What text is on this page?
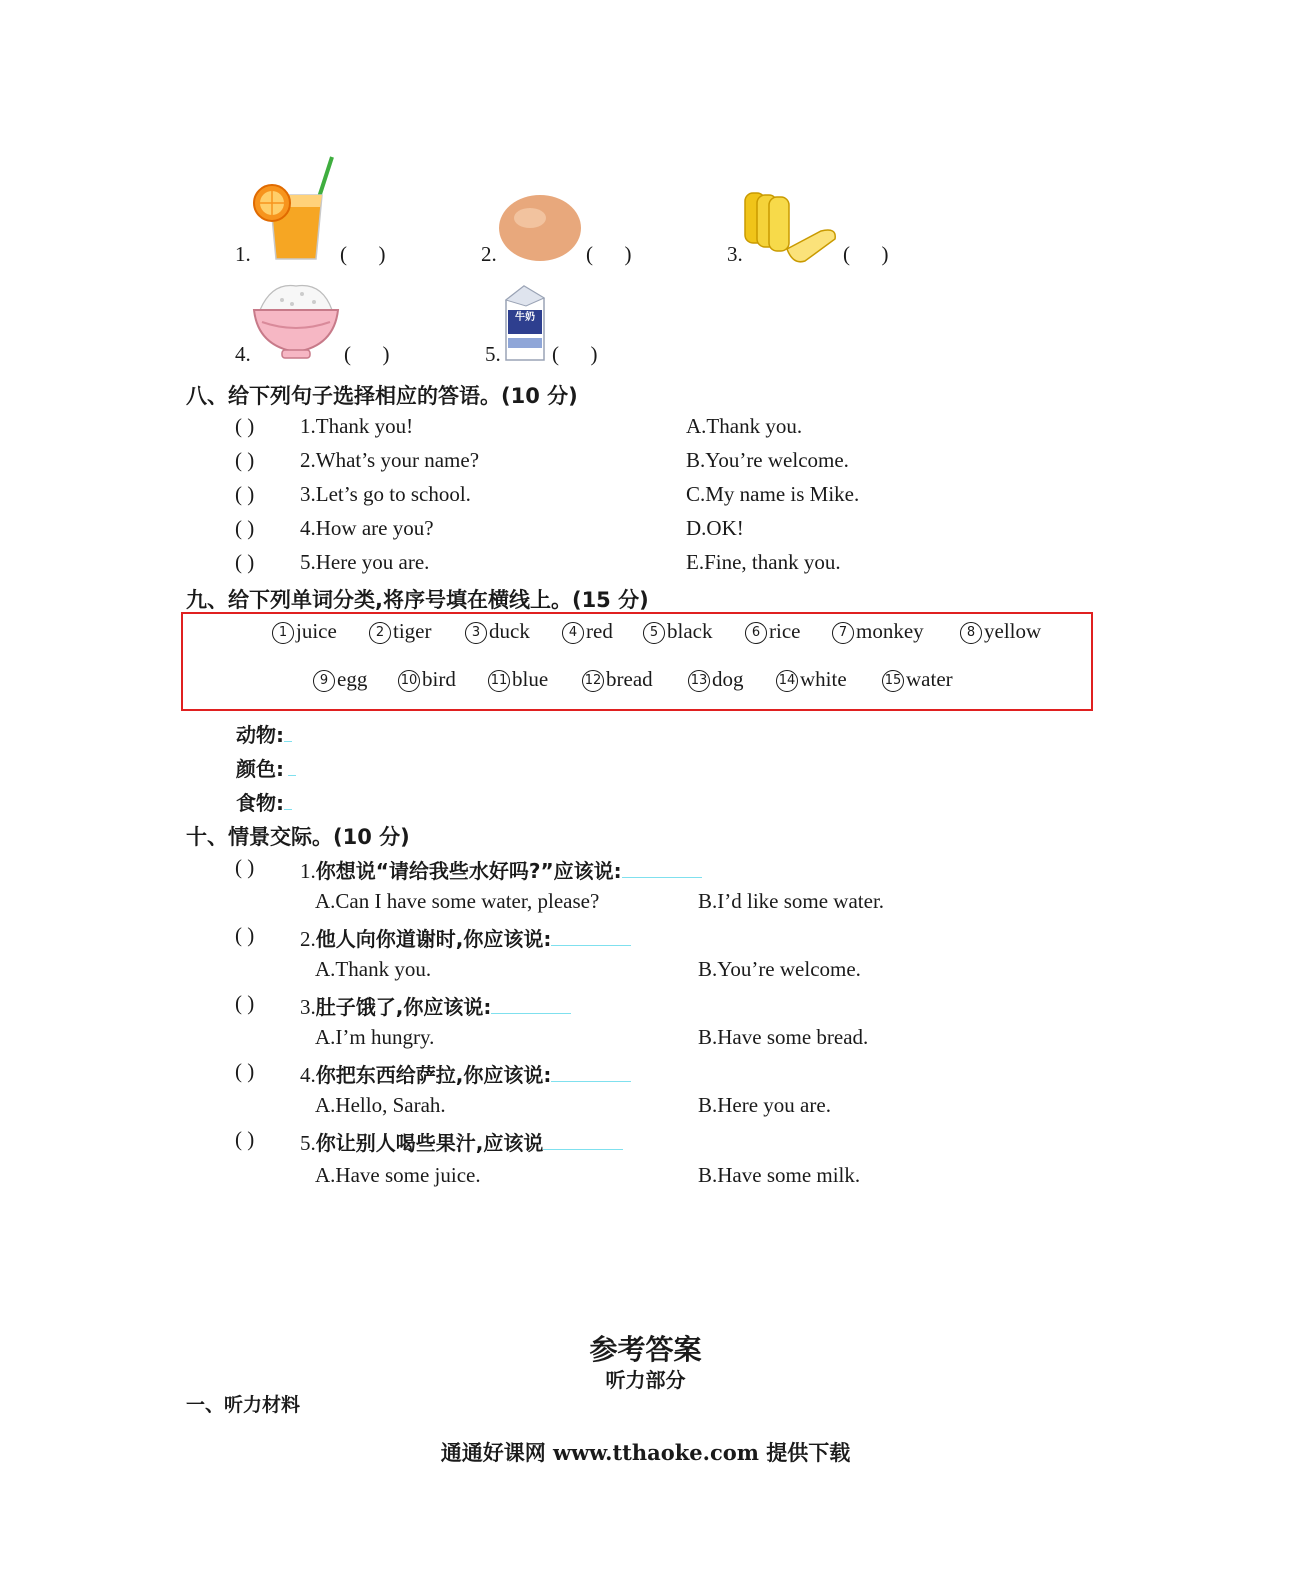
1.	(      )	2.	(      )	3.	(      )
4.	(      )
牛奶
5. (      )
八、给下列句子选择相应的答语。(10 分)
( ) 1.Thank you!	A.Thank you.
( ) 2.What’s your name?	B.You’re welcome.
( ) 3.Let’s go to school.	C.My name is Mike.
( ) 4.How are you?	D.OK!
( ) 5.Here you are.	E.Fine, thank you.
九、给下列单词分类,将序号填在横线上。(15 分)
1 juice	2 tiger	3 duck	4 red	5 black	6 rice	7 monkey	8 yellow
9 egg	10 bird	11 blue	12 bread	13 dog	14 white	15 water
动物:
颜色:
食物:
十、情景交际。(10 分)
( ) 1.你想说“请给我些水好吗?”应该说:
A.Can I have some water, please?	B.I’d like some water.
( ) 2.他人向你道谢时,你应该说:
A.Thank you.	B.You’re welcome.
( ) 3.肚子饿了,你应该说:
A.I’m hungry.	B.Have some bread.
( ) 4.你把东西给萨拉,你应该说:
A.Hello, Sarah.	B.Here you are.
( ) 5.你让别人喝些果汁,应该说
A.Have some juice.	B.Have some milk.
参考答案
听力部分
一、听力材料
通通好课网 www.tthaoke.com 提供下载
